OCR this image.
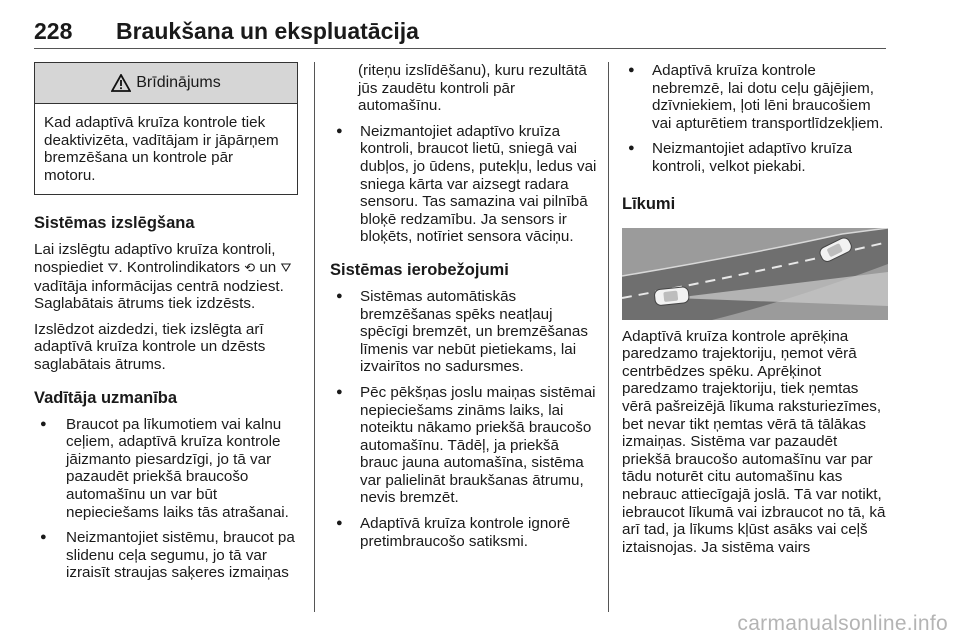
228 Braukšana un ekspluatācija
Brīdinājums
Kad adaptīvā kruīza kontrole tiek deaktivizēta, vadītājam ir jāpārņem bremzēšana un kontrole pār motoru.
Sistēmas izslēgšana

Lai izslēgtu adaptīvo kruīza kontroli, nospiediet ⛛. Kontrolindikators ⟲ un ⛛ vadītāja informācijas centrā nodziest. Saglabātais ātrums tiek izdzēsts.

Izslēdzot aizdedzi, tiek izslēgta arī adaptīvā kruīza kontrole un dzēsts saglabātais ātrums.

Vadītāja uzmanība
● Braucot pa līkumotiem vai kalnu ceļiem, adaptīvā kruīza kontrole jāizmanto piesardzīgi, jo tā var pazaudēt priekšā braucošo automašīnu un var būt nepieciešams laiks tās atrašanai.
● Neizmantojiet sistēmu, braucot pa slidenu ceļa segumu, jo tā var izraisīt straujas saķeres izmaiņas

(riteņu izslīdēšanu), kuru rezultātā jūs zaudētu kontroli pār automašīnu.

● Neizmantojiet adaptīvo kruīza kontroli, braucot lietū, sniegā vai dubļos, jo ūdens, putekļu, ledus vai sniega kārta var aizsegt radara sensoru. Tas samazina vai pilnībā bloķē redzamību. Ja sensors ir bloķēts, notīriet sensora vāciņu.
Sistēmas ierobežojumi
● Sistēmas automātiskās bremzēšanas spēks neatļauj spēcīgi bremzēt, un bremzēšanas līmenis var nebūt pietiekams, lai izvairītos no sadursmes.
● Pēc pēkšņas joslu maiņas sistēmai nepieciešams zināms laiks, lai noteiktu nākamo priekšā braucošo automašīnu. Tādēļ, ja priekšā brauc jauna automašīna, sistēma var palielināt braukšanas ātrumu, nevis bremzēt.
● Adaptīvā kruīza kontrole ignorē pretimbraucošo satiksmi.
● Adaptīvā kruīza kontrole nebremzē, lai dotu ceļu gājējiem, dzīvniekiem, ļoti lēni braucošiem vai apturētiem transportlīdzekļiem.
● Neizmantojiet adaptīvo kruīza kontroli, velkot piekabi.
Līkumi

Adaptīvā kruīza kontrole aprēķina paredzamo trajektoriju, ņemot vērā centrbēdzes spēku. Aprēķinot paredzamo trajektoriju, tiek ņemtas vērā pašreizējā līkuma raksturiezīmes, bet nevar tikt ņemtas vērā tā tālākas izmaiņas. Sistēma var pazaudēt priekšā braucošo automašīnu var par tādu noturēt citu automašīnu kas nebrauc attiecīgajā joslā. Tā var notikt, iebraucot līkumā vai izbraucot no tā, kā arī tad, ja līkums kļūst asāks vai ceļš iztaisnojas. Ja sistēma vairs

carmanualsonline.info
